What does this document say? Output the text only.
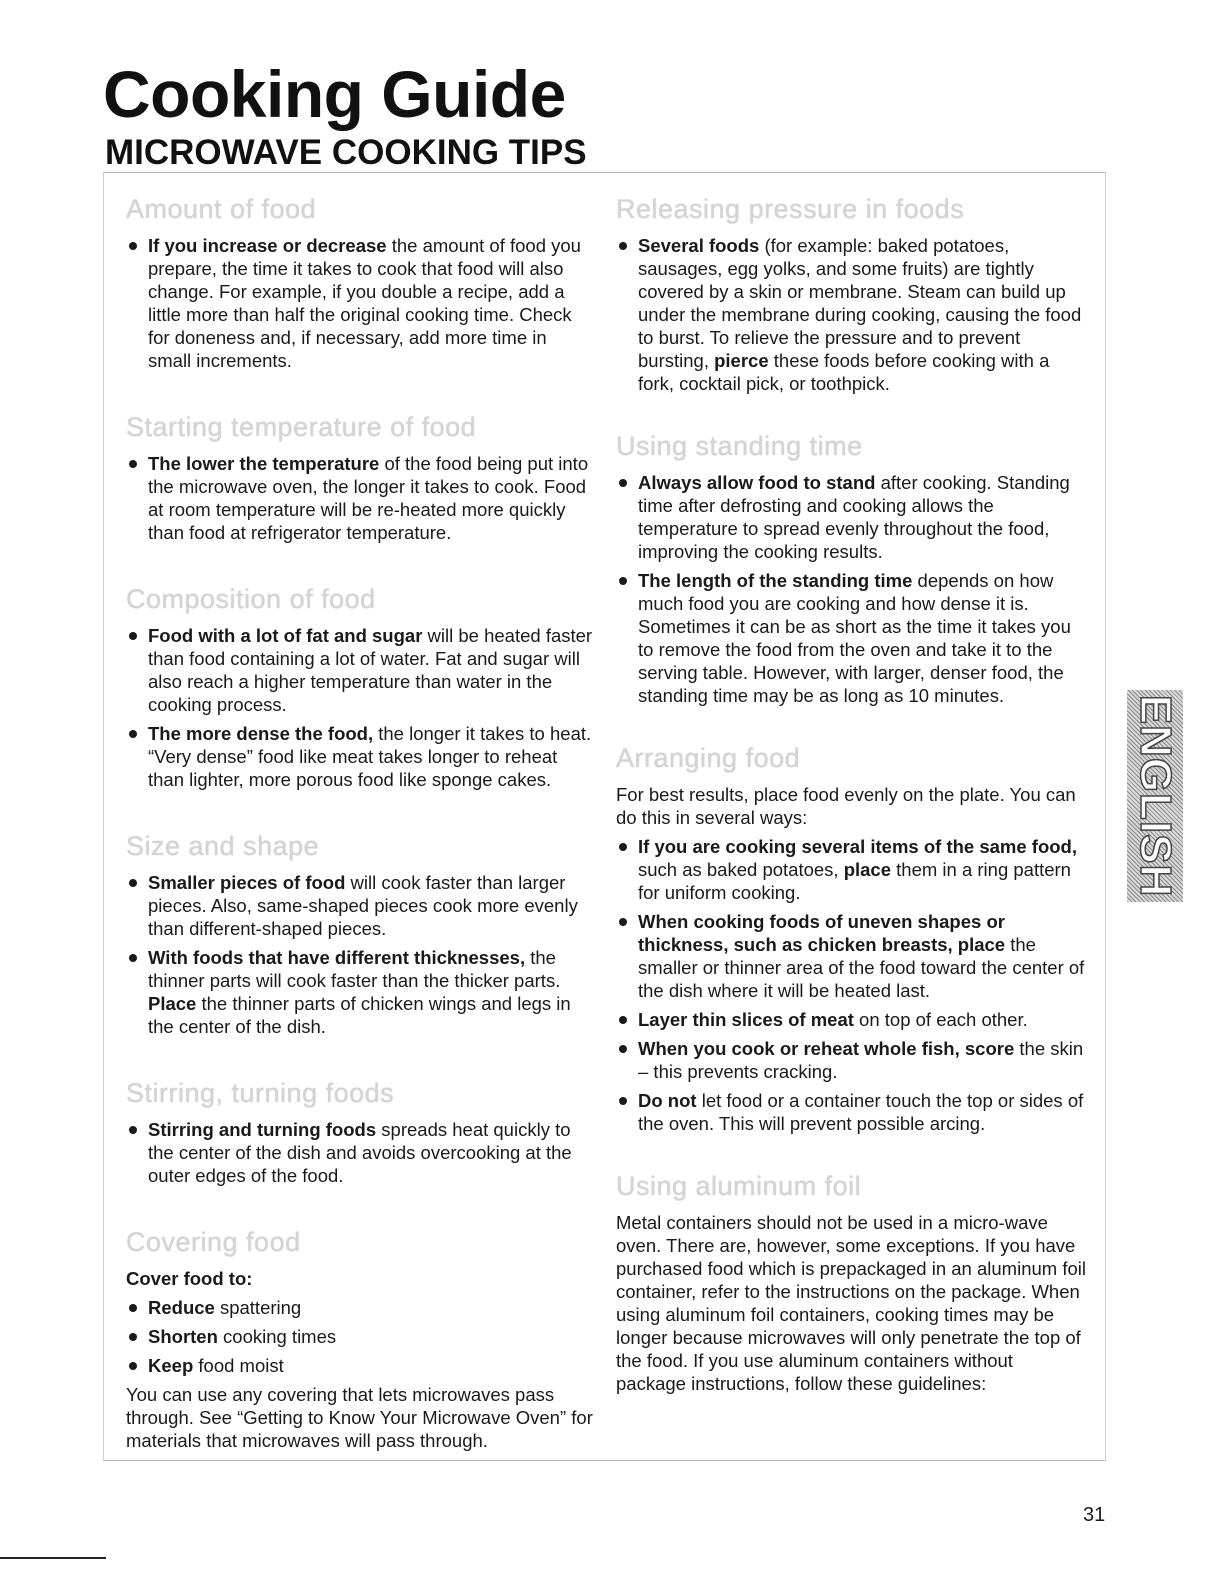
Cooking Guide
MICROWAVE COOKING TIPS
Amount of food
If you increase or decrease the amount of food you prepare, the time it takes to cook that food will also change. For example, if you double a recipe, add a little more than half the original cooking time. Check for doneness and, if necessary, add more time in small increments.
Starting temperature of food
The lower the temperature of the food being put into the microwave oven, the longer it takes to cook. Food at room temperature will be re-heated more quickly than food at refrigerator temperature.
Composition of food
Food with a lot of fat and sugar will be heated faster than food containing a lot of water. Fat and sugar will also reach a higher temperature than water in the cooking process.
The more dense the food, the longer it takes to heat. “Very dense” food like meat takes longer to reheat than lighter, more porous food like sponge cakes.
Size and shape
Smaller pieces of food will cook faster than larger pieces. Also, same-shaped pieces cook more evenly than different-shaped pieces.
With foods that have different thicknesses, the thinner parts will cook faster than the thicker parts. Place the thinner parts of chicken wings and legs in the center of the dish.
Stirring, turning foods
Stirring and turning foods spreads heat quickly to the center of the dish and avoids overcooking at the outer edges of the food.
Covering food

Cover food to:

Reduce spattering
Shorten cooking times
Keep food moist

You can use any covering that lets microwaves pass through. See “Getting to Know Your Microwave Oven” for materials that microwaves will pass through.

Releasing pressure in foods
Several foods (for example: baked potatoes, sausages, egg yolks, and some fruits) are tightly covered by a skin or membrane. Steam can build up under the membrane during cooking, causing the food to burst. To relieve the pressure and to prevent bursting, pierce these foods before cooking with a fork, cocktail pick, or toothpick.
Using standing time
Always allow food to stand after cooking. Standing time after defrosting and cooking allows the temperature to spread evenly throughout the food, improving the cooking results.
The length of the standing time depends on how much food you are cooking and how dense it is. Sometimes it can be as short as the time it takes you to remove the food from the oven and take it to the serving table. However, with larger, denser food, the standing time may be as long as 10 minutes.
Arranging food

For best results, place food evenly on the plate. You can do this in several ways:

If you are cooking several items of the same food, such as baked potatoes, place them in a ring pattern for uniform cooking.
When cooking foods of uneven shapes or thickness, such as chicken breasts, place the smaller or thinner area of the food toward the center of the dish where it will be heated last.
Layer thin slices of meat on top of each other.
When you cook or reheat whole fish, score the skin – this prevents cracking.
Do not let food or a container touch the top or sides of the oven. This will prevent possible arcing.
Using aluminum foil

Metal containers should not be used in a micro-wave oven. There are, however, some exceptions. If you have purchased food which is prepackaged in an aluminum foil container, refer to the instructions on the package. When using aluminum foil containers, cooking times may be longer because microwaves will only penetrate the top of the food. If you use aluminum containers without package instructions, follow these guidelines:

ENGLISH
31
